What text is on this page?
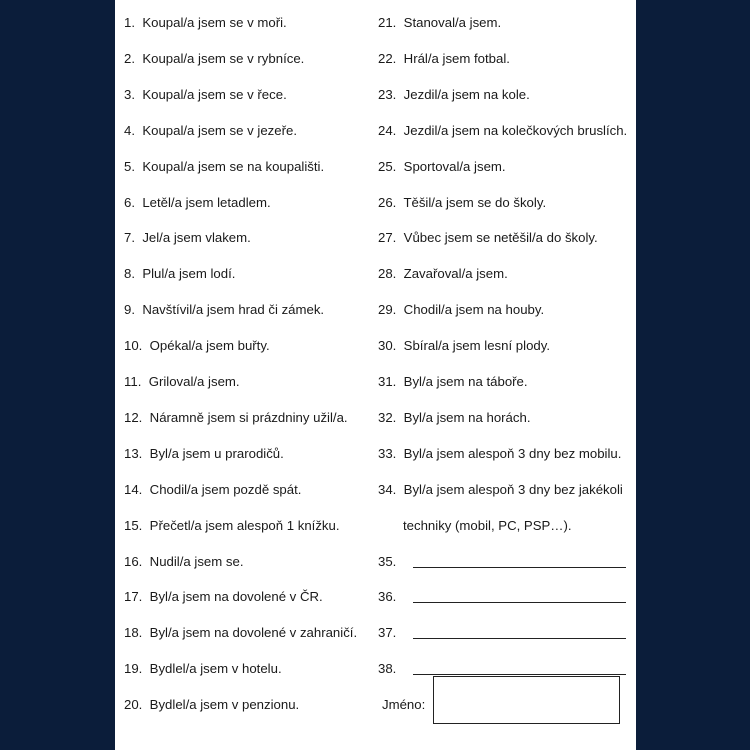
1. Koupal/a jsem se v moři.
2. Koupal/a jsem se v rybníce.
3. Koupal/a jsem se v řece.
4. Koupal/a jsem se v jezeře.
5. Koupal/a jsem se na koupališti.
6. Letěl/a jsem letadlem.
7. Jel/a jsem vlakem.
8. Plul/a jsem lodí.
9. Navštívil/a jsem hrad či zámek.
10. Opékal/a jsem buřty.
11. Griloval/a jsem.
12. Náramně jsem si prázdniny užil/a.
13. Byl/a jsem u prarodičů.
14. Chodil/a jsem pozdě spát.
15. Přečetl/a jsem alespoň 1 knížku.
16. Nudil/a jsem se.
17. Byl/a jsem na dovolené v ČR.
18. Byl/a jsem na dovolené v zahraničí.
19. Bydlel/a jsem v hotelu.
20. Bydlel/a jsem v penzionu.
21. Stanoval/a jsem.
22. Hrál/a jsem fotbal.
23. Jezdil/a jsem na kole.
24. Jezdil/a jsem na kolečkových bruslích.
25. Sportoval/a jsem.
26. Těšil/a jsem se do školy.
27. Vůbec jsem se netěšil/a do školy.
28. Zavařoval/a jsem.
29. Chodil/a jsem na houby.
30. Sbíral/a jsem lesní plody.
31. Byl/a jsem na táboře.
32. Byl/a jsem na horách.
33. Byl/a jsem alespoň 3 dny bez mobilu.
34. Byl/a jsem alespoň 3 dny bez jakékoli
techniky (mobil, PC, PSP…).
35.
36.
37.
38.
Jméno:
